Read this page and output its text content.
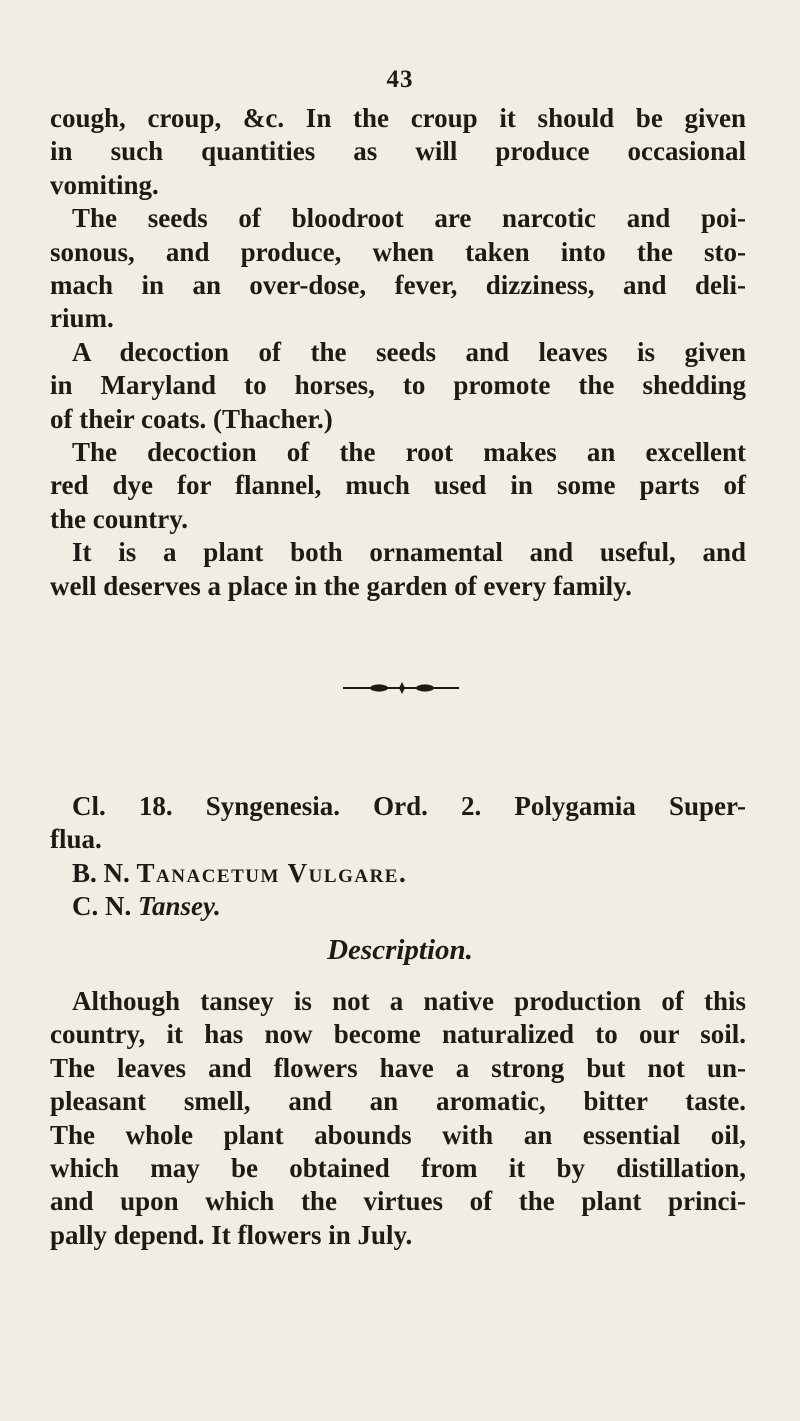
43
cough, croup, &c. In the croup it should be given
in such quantities as will produce occasional
vomiting.
The seeds of bloodroot are narcotic and poi-
sonous, and produce, when taken into the sto-
mach in an over-dose, fever, dizziness, and deli-
rium.
A decoction of the seeds and leaves is given
in Maryland to horses, to promote the shedding
of their coats. (Thacher.)
The decoction of the root makes an excellent
red dye for flannel, much used in some parts of
the country.
It is a plant both ornamental and useful, and
well deserves a place in the garden of every family.
Cl. 18. Syngenesia. Ord. 2. Polygamia Super-
flua.
B. N. Tanacetum Vulgare.
C. N. Tansey.
Description.
Although tansey is not a native production of this
country, it has now become naturalized to our soil.
The leaves and flowers have a strong but not un-
pleasant smell, and an aromatic, bitter taste.
The whole plant abounds with an essential oil,
which may be obtained from it by distillation,
and upon which the virtues of the plant princi-
pally depend. It flowers in July.
